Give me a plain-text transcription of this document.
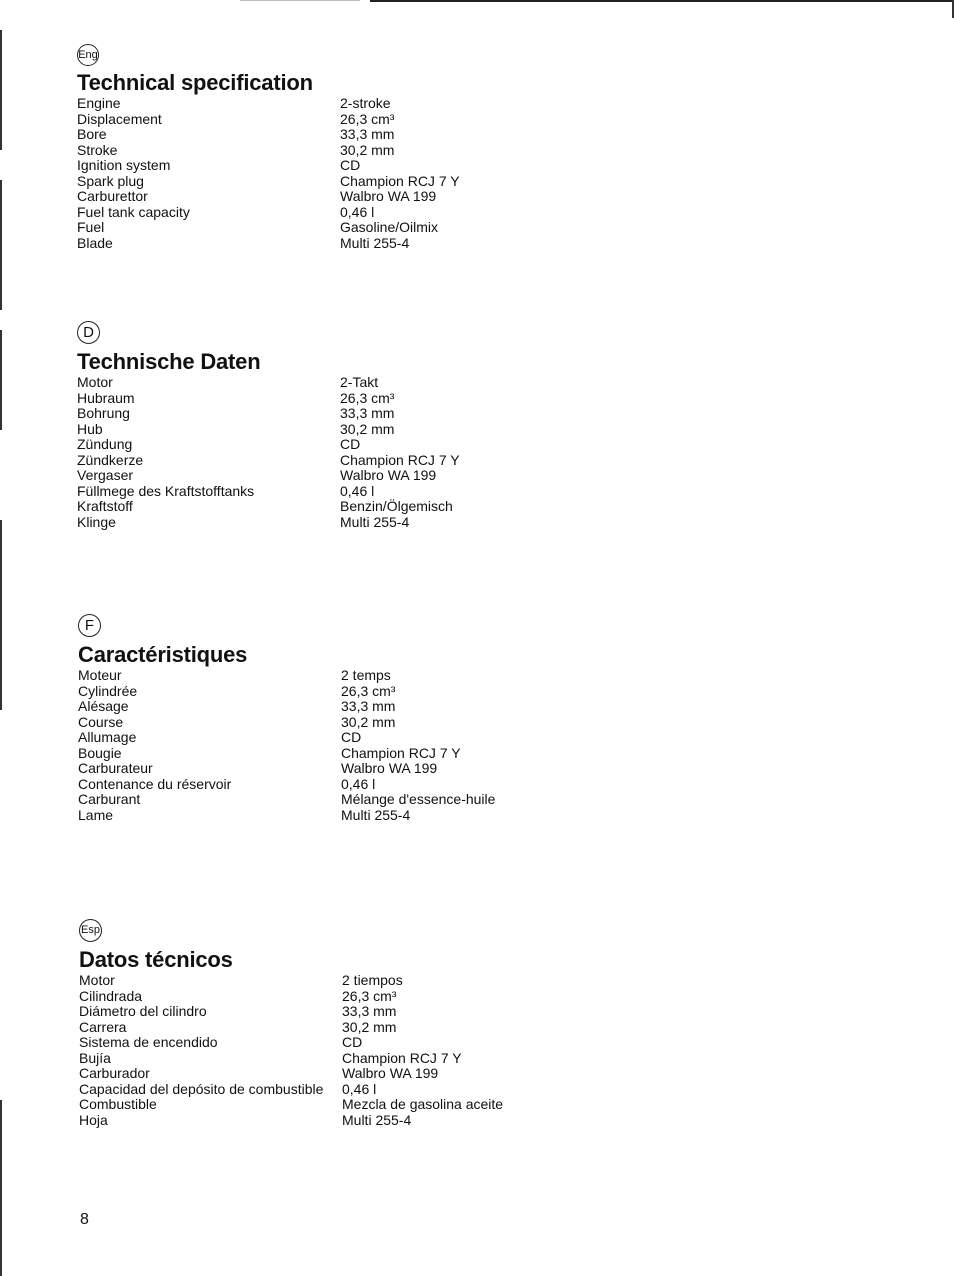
Eng
Technical specification
Engine	2-stroke
Displacement	26,3 cm³
Bore	33,3 mm
Stroke	30,2 mm
Ignition system	CD
Spark plug	Champion RCJ 7 Y
Carburettor	Walbro WA 199
Fuel tank capacity	0,46 l
Fuel	Gasoline/Oilmix
Blade	Multi 255-4
D
Technische Daten
Motor	2-Takt
Hubraum	26,3 cm³
Bohrung	33,3 mm
Hub	30,2 mm
Zündung	CD
Zündkerze	Champion RCJ 7 Y
Vergaser	Walbro WA 199
Füllmege des Kraftstofftanks	0,46 l
Kraftstoff	Benzin/Ölgemisch
Klinge	Multi 255-4
F
Caractéristiques
Moteur	2 temps
Cylindrée	26,3 cm³
Alésage	33,3 mm
Course	30,2 mm
Allumage	CD
Bougie	Champion RCJ 7 Y
Carburateur	Walbro WA 199
Contenance du réservoir	0,46 l
Carburant	Mélange d'essence-huile
Lame	Multi 255-4
Esp
Datos técnicos
Motor	2 tiempos
Cilindrada	26,3 cm³
Diámetro del cilindro	33,3 mm
Carrera	30,2 mm
Sistema de encendido	CD
Bujía	Champion RCJ 7 Y
Carburador	Walbro WA 199
Capacidad del depósito de combustible 0,46 l
Combustible	Mezcla de gasolina aceite
Hoja	Multi 255-4
8
